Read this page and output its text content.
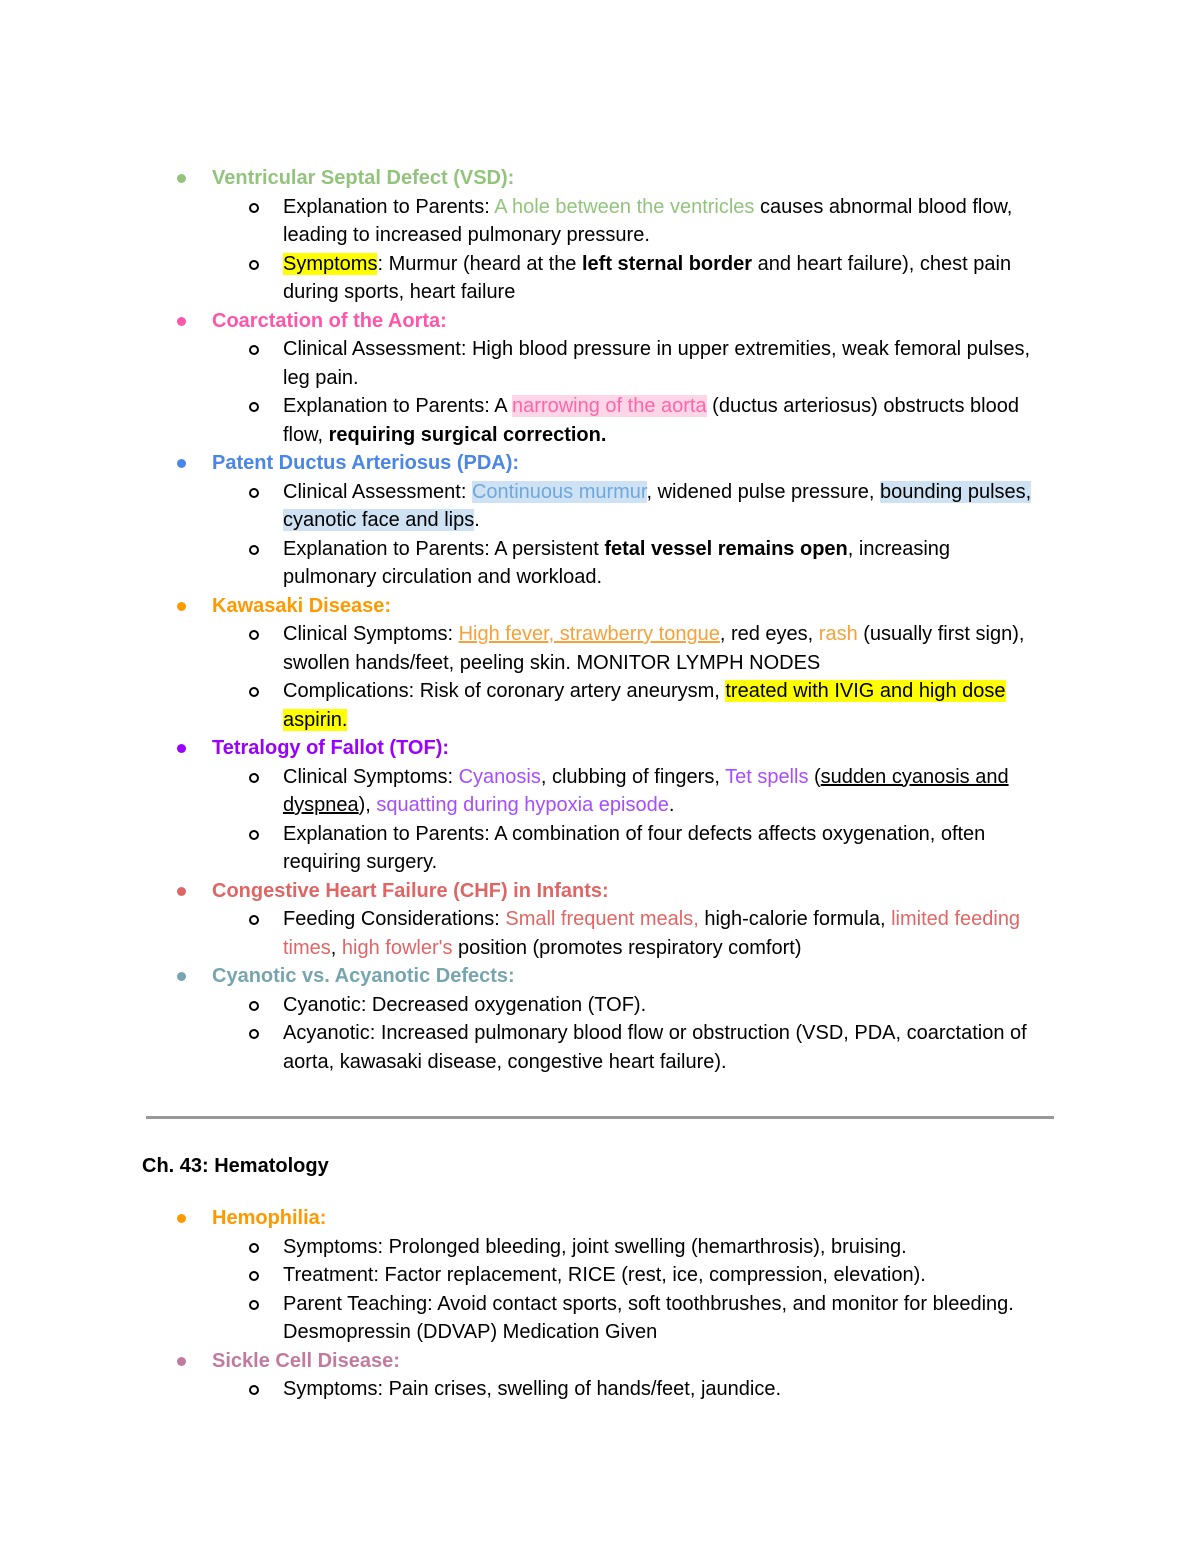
Ventricular Septal Defect (VSD):
Explanation to Parents: A hole between the ventricles causes abnormal blood flow, leading to increased pulmonary pressure.
Symptoms: Murmur (heard at the left sternal border and heart failure), chest pain during sports, heart failure
Coarctation of the Aorta:
Clinical Assessment: High blood pressure in upper extremities, weak femoral pulses, leg pain.
Explanation to Parents: A narrowing of the aorta (ductus arteriosus) obstructs blood flow, requiring surgical correction.
Patent Ductus Arteriosus (PDA):
Clinical Assessment: Continuous murmur, widened pulse pressure, bounding pulses, cyanotic face and lips.
Explanation to Parents: A persistent fetal vessel remains open, increasing pulmonary circulation and workload.
Kawasaki Disease:
Clinical Symptoms: High fever, strawberry tongue, red eyes, rash (usually first sign), swollen hands/feet, peeling skin. MONITOR LYMPH NODES
Complications: Risk of coronary artery aneurysm, treated with IVIG and high dose aspirin.
Tetralogy of Fallot (TOF):
Clinical Symptoms: Cyanosis, clubbing of fingers, Tet spells (sudden cyanosis and dyspnea), squatting during hypoxia episode.
Explanation to Parents: A combination of four defects affects oxygenation, often requiring surgery.
Congestive Heart Failure (CHF) in Infants:
Feeding Considerations: Small frequent meals, high-calorie formula, limited feeding times, high fowler's position (promotes respiratory comfort)
Cyanotic vs. Acyanotic Defects:
Cyanotic: Decreased oxygenation (TOF).
Acyanotic: Increased pulmonary blood flow or obstruction (VSD, PDA, coarctation of aorta, kawasaki disease, congestive heart failure).
Ch. 43: Hematology
Hemophilia:
Symptoms: Prolonged bleeding, joint swelling (hemarthrosis), bruising.
Treatment: Factor replacement, RICE (rest, ice, compression, elevation).
Parent Teaching: Avoid contact sports, soft toothbrushes, and monitor for bleeding. Desmopressin (DDVAP) Medication Given
Sickle Cell Disease:
Symptoms: Pain crises, swelling of hands/feet, jaundice.
